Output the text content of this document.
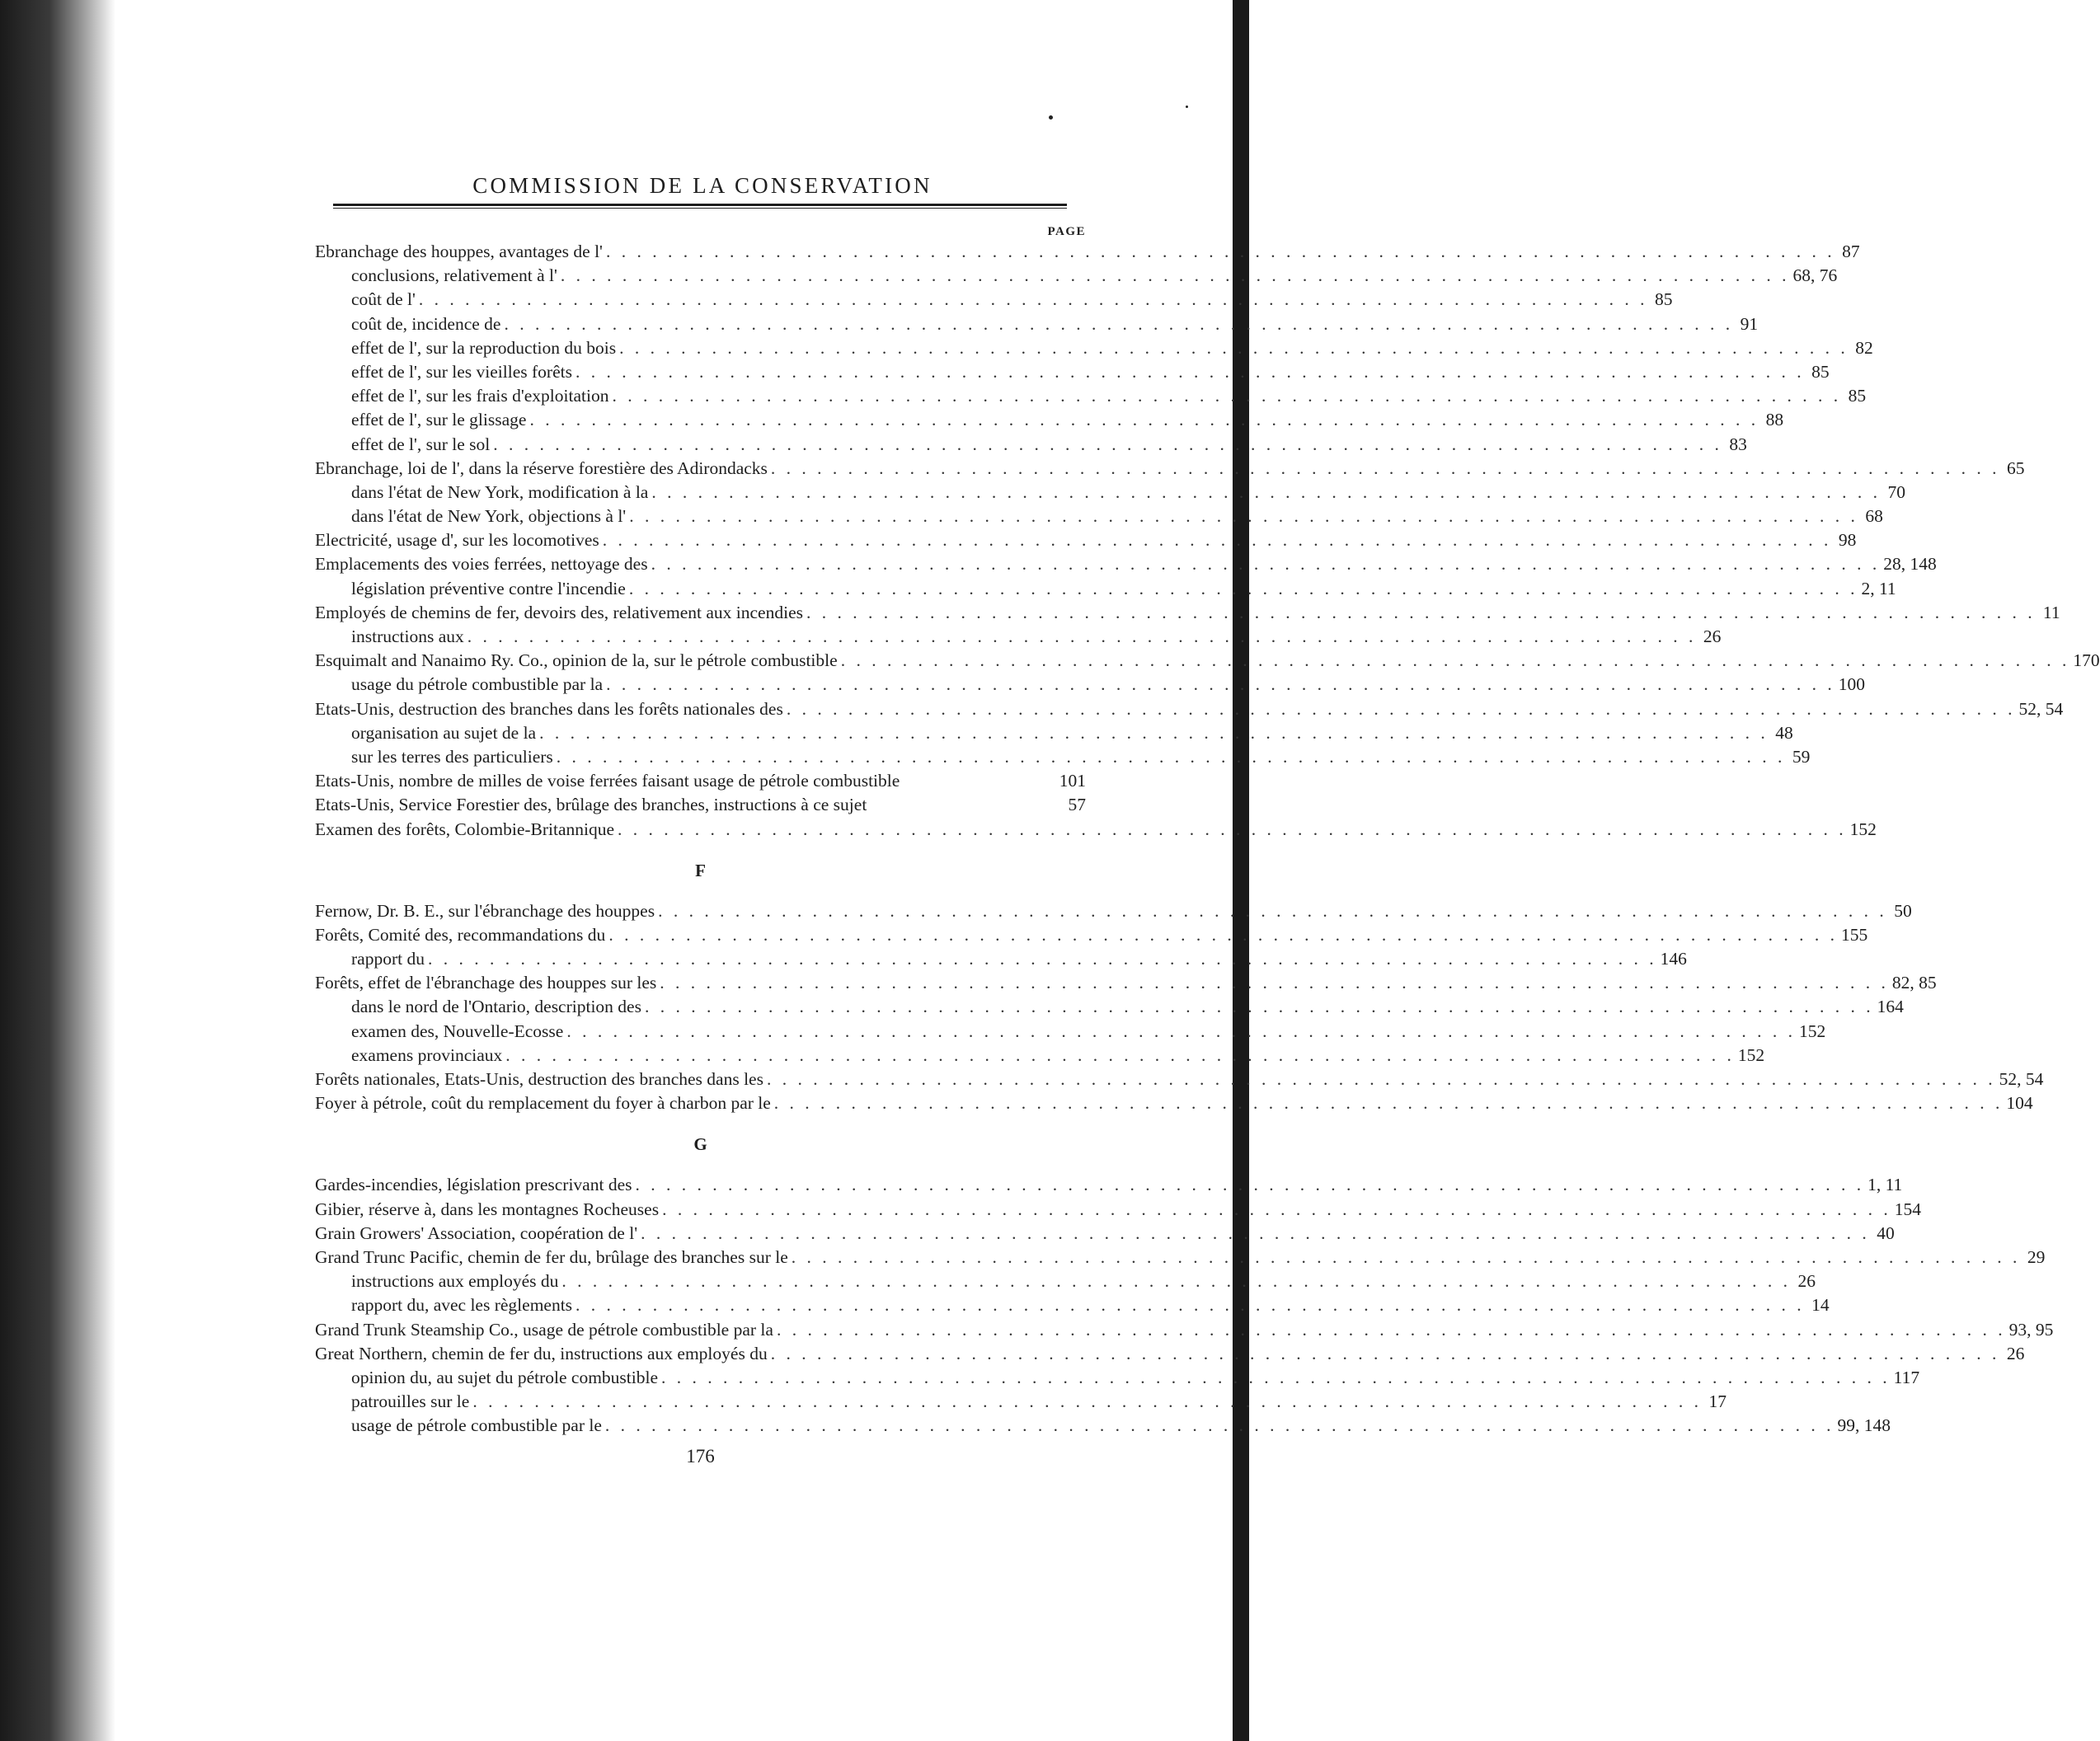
COMMISSION DE LA CONSERVATION
PAGE
Ebranchage des houppes, avantages de l' . . . . . . . . . . . . . . . . . . . . . . . . . . . . . . . . . . . . . . . . . . . . . . . . . . . . . . . . . . . . . . . . . . . . . . . . . . . . . . . . 87
conclusions, relativement à l' . . . . . . . . . . . . . . . . . . . . . . . . . . . . . . . . . . . . . . . . . . . . . . . . . . . . . . . . . . . . . . . . . . . . . . . . . . . . . . . . 68, 76
coût de l' . . . . . . . . . . . . . . . . . . . . . . . . . . . . . . . . . . . . . . . . . . . . . . . . . . . . . . . . . . . . . . . . . . . . . . . . . . . . . . . . 85
coût de, incidence de . . . . . . . . . . . . . . . . . . . . . . . . . . . . . . . . . . . . . . . . . . . . . . . . . . . . . . . . . . . . . . . . . . . . . . . . . . . . . . . . 91
effet de l', sur la reproduction du bois . . . . . . . . . . . . . . . . . . . . . . . . . . . . . . . . . . . . . . . . . . . . . . . . . . . . . . . . . . . . . . . . . . . . . . . . . . . . . . . . 82
effet de l', sur les vieilles forêts . . . . . . . . . . . . . . . . . . . . . . . . . . . . . . . . . . . . . . . . . . . . . . . . . . . . . . . . . . . . . . . . . . . . . . . . . . . . . . . . 85
effet de l', sur les frais d'exploitation . . . . . . . . . . . . . . . . . . . . . . . . . . . . . . . . . . . . . . . . . . . . . . . . . . . . . . . . . . . . . . . . . . . . . . . . . . . . . . . . 85
effet de l', sur le glissage . . . . . . . . . . . . . . . . . . . . . . . . . . . . . . . . . . . . . . . . . . . . . . . . . . . . . . . . . . . . . . . . . . . . . . . . . . . . . . . . 88
effet de l', sur le sol . . . . . . . . . . . . . . . . . . . . . . . . . . . . . . . . . . . . . . . . . . . . . . . . . . . . . . . . . . . . . . . . . . . . . . . . . . . . . . . . 83
Ebranchage, loi de l', dans la réserve forestière des Adirondacks . . . . . . . . . . . . . . . . . . . . . . . . . . . . . . . . . . . . . . . . . . . . . . . . . . . . . . . . . . . . . . . . . . . . . . . . . . . . . . . . 65
dans l'état de New York, modification à la . . . . . . . . . . . . . . . . . . . . . . . . . . . . . . . . . . . . . . . . . . . . . . . . . . . . . . . . . . . . . . . . . . . . . . . . . . . . . . . . 70
dans l'état de New York, objections à l' . . . . . . . . . . . . . . . . . . . . . . . . . . . . . . . . . . . . . . . . . . . . . . . . . . . . . . . . . . . . . . . . . . . . . . . . . . . . . . . . 68
Electricité, usage d', sur les locomotives . . . . . . . . . . . . . . . . . . . . . . . . . . . . . . . . . . . . . . . . . . . . . . . . . . . . . . . . . . . . . . . . . . . . . . . . . . . . . . . . 98
Emplacements des voies ferrées, nettoyage des . . . . . . . . . . . . . . . . . . . . . . . . . . . . . . . . . . . . . . . . . . . . . . . . . . . . . . . . . . . . . . . . . . . . . . . . . . . . . . . . 28, 148
législation préventive contre l'incendie . . . . . . . . . . . . . . . . . . . . . . . . . . . . . . . . . . . . . . . . . . . . . . . . . . . . . . . . . . . . . . . . . . . . . . . . . . . . . . . . 2, 11
Employés de chemins de fer, devoirs des, relativement aux incendies . . . . . . . . . . . . . . . . . . . . . . . . . . . . . . . . . . . . . . . . . . . . . . . . . . . . . . . . . . . . . . . . . . . . . . . . . . . . . . . . 11
instructions aux . . . . . . . . . . . . . . . . . . . . . . . . . . . . . . . . . . . . . . . . . . . . . . . . . . . . . . . . . . . . . . . . . . . . . . . . . . . . . . . . 26
Esquimalt and Nanaimo Ry. Co., opinion de la, sur le pétrole combustible . . . . . . . . . . . . . . . . . . . . . . . . . . . . . . . . . . . . . . . . . . . . . . . . . . . . . . . . . . . . . . . . . . . . . . . . . . . . . . . . 170
usage du pétrole combustible par la . . . . . . . . . . . . . . . . . . . . . . . . . . . . . . . . . . . . . . . . . . . . . . . . . . . . . . . . . . . . . . . . . . . . . . . . . . . . . . . . 100
Etats-Unis, destruction des branches dans les forêts nationales des . . . . . . . . . . . . . . . . . . . . . . . . . . . . . . . . . . . . . . . . . . . . . . . . . . . . . . . . . . . . . . . . . . . . . . . . . . . . . . . . 52, 54
organisation au sujet de la . . . . . . . . . . . . . . . . . . . . . . . . . . . . . . . . . . . . . . . . . . . . . . . . . . . . . . . . . . . . . . . . . . . . . . . . . . . . . . . . 48
sur les terres des particuliers . . . . . . . . . . . . . . . . . . . . . . . . . . . . . . . . . . . . . . . . . . . . . . . . . . . . . . . . . . . . . . . . . . . . . . . . . . . . . . . . 59
Etats-Unis, nombre de milles de voise ferrées faisant usage de pétrole combustible	101
Etats-Unis, Service Forestier des, brûlage des branches, instructions à ce sujet	57
Examen des forêts, Colombie-Britannique . . . . . . . . . . . . . . . . . . . . . . . . . . . . . . . . . . . . . . . . . . . . . . . . . . . . . . . . . . . . . . . . . . . . . . . . . . . . . . . . 152
F
Fernow, Dr. B. E., sur l'ébranchage des houppes . . . . . . . . . . . . . . . . . . . . . . . . . . . . . . . . . . . . . . . . . . . . . . . . . . . . . . . . . . . . . . . . . . . . . . . . . . . . . . . . 50
Forêts, Comité des, recommandations du . . . . . . . . . . . . . . . . . . . . . . . . . . . . . . . . . . . . . . . . . . . . . . . . . . . . . . . . . . . . . . . . . . . . . . . . . . . . . . . . 155
rapport du . . . . . . . . . . . . . . . . . . . . . . . . . . . . . . . . . . . . . . . . . . . . . . . . . . . . . . . . . . . . . . . . . . . . . . . . . . . . . . . . 146
Forêts, effet de l'ébranchage des houppes sur les . . . . . . . . . . . . . . . . . . . . . . . . . . . . . . . . . . . . . . . . . . . . . . . . . . . . . . . . . . . . . . . . . . . . . . . . . . . . . . . . 82, 85
dans le nord de l'Ontario, description des . . . . . . . . . . . . . . . . . . . . . . . . . . . . . . . . . . . . . . . . . . . . . . . . . . . . . . . . . . . . . . . . . . . . . . . . . . . . . . . . 164
examen des, Nouvelle-Ecosse . . . . . . . . . . . . . . . . . . . . . . . . . . . . . . . . . . . . . . . . . . . . . . . . . . . . . . . . . . . . . . . . . . . . . . . . . . . . . . . . 152
examens provinciaux . . . . . . . . . . . . . . . . . . . . . . . . . . . . . . . . . . . . . . . . . . . . . . . . . . . . . . . . . . . . . . . . . . . . . . . . . . . . . . . . 152
Forêts nationales, Etats-Unis, destruction des branches dans les . . . . . . . . . . . . . . . . . . . . . . . . . . . . . . . . . . . . . . . . . . . . . . . . . . . . . . . . . . . . . . . . . . . . . . . . . . . . . . . . 52, 54
Foyer à pétrole, coût du remplacement du foyer à charbon par le . . . . . . . . . . . . . . . . . . . . . . . . . . . . . . . . . . . . . . . . . . . . . . . . . . . . . . . . . . . . . . . . . . . . . . . . . . . . . . . . 104
G
Gardes-incendies, législation prescrivant des . . . . . . . . . . . . . . . . . . . . . . . . . . . . . . . . . . . . . . . . . . . . . . . . . . . . . . . . . . . . . . . . . . . . . . . . . . . . . . . . 1, 11
Gibier, réserve à, dans les montagnes Rocheuses . . . . . . . . . . . . . . . . . . . . . . . . . . . . . . . . . . . . . . . . . . . . . . . . . . . . . . . . . . . . . . . . . . . . . . . . . . . . . . . . 154
Grain Growers' Association, coopération de l' . . . . . . . . . . . . . . . . . . . . . . . . . . . . . . . . . . . . . . . . . . . . . . . . . . . . . . . . . . . . . . . . . . . . . . . . . . . . . . . . 40
Grand Trunc Pacific, chemin de fer du, brûlage des branches sur le . . . . . . . . . . . . . . . . . . . . . . . . . . . . . . . . . . . . . . . . . . . . . . . . . . . . . . . . . . . . . . . . . . . . . . . . . . . . . . . . 29
instructions aux employés du . . . . . . . . . . . . . . . . . . . . . . . . . . . . . . . . . . . . . . . . . . . . . . . . . . . . . . . . . . . . . . . . . . . . . . . . . . . . . . . . 26
rapport du, avec les règlements . . . . . . . . . . . . . . . . . . . . . . . . . . . . . . . . . . . . . . . . . . . . . . . . . . . . . . . . . . . . . . . . . . . . . . . . . . . . . . . . 14
Grand Trunk Steamship Co., usage de pétrole combustible par la . . . . . . . . . . . . . . . . . . . . . . . . . . . . . . . . . . . . . . . . . . . . . . . . . . . . . . . . . . . . . . . . . . . . . . . . . . . . . . . . 93, 95
Great Northern, chemin de fer du, instructions aux employés du . . . . . . . . . . . . . . . . . . . . . . . . . . . . . . . . . . . . . . . . . . . . . . . . . . . . . . . . . . . . . . . . . . . . . . . . . . . . . . . . 26
opinion du, au sujet du pétrole combustible . . . . . . . . . . . . . . . . . . . . . . . . . . . . . . . . . . . . . . . . . . . . . . . . . . . . . . . . . . . . . . . . . . . . . . . . . . . . . . . . 117
patrouilles sur le . . . . . . . . . . . . . . . . . . . . . . . . . . . . . . . . . . . . . . . . . . . . . . . . . . . . . . . . . . . . . . . . . . . . . . . . . . . . . . . . 17
usage de pétrole combustible par le . . . . . . . . . . . . . . . . . . . . . . . . . . . . . . . . . . . . . . . . . . . . . . . . . . . . . . . . . . . . . . . . . . . . . . . . . . . . . . . . 99, 148
176
